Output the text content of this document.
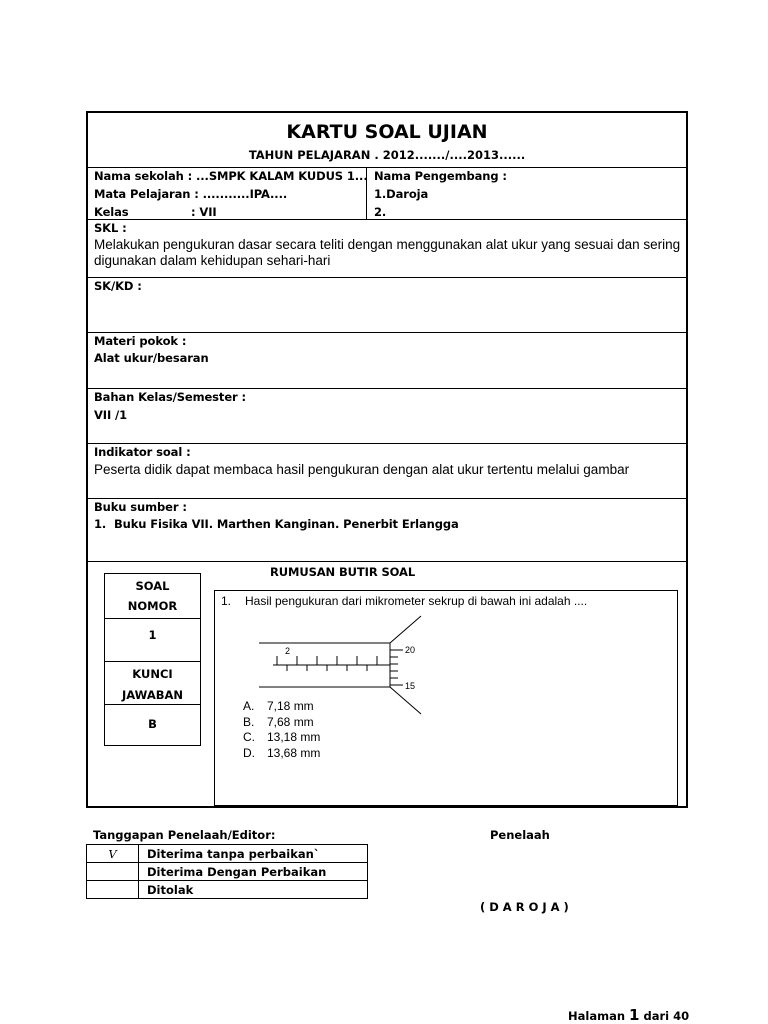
KARTU SOAL UJIAN
TAHUN PELAJARAN . 2012......./....2013......
Nama sekolah : ...SMPK KALAM KUDUS 1...
Mata Pelajaran : ...........IPA....
Kelas                : VII
Nama Pengembang :
1.Daroja
2.
SKL :
Melakukan pengukuran dasar secara teliti dengan menggunakan alat ukur yang sesuai dan sering digunakan dalam kehidupan sehari-hari
SK/KD :
Materi pokok :
Alat ukur/besaran
Bahan Kelas/Semester :
VII /1
Indikator soal :
Peserta didik dapat membaca hasil pengukuran dengan alat ukur tertentu melalui gambar
Buku sumber :
1.  Buku Fisika VII. Marthen Kanginan. Penerbit Erlangga
RUMUSAN BUTIR SOAL
SOAL
NOMOR
1
KUNCI
JAWABAN
B
1. Hasil pengukuran dari mikrometer sekrup di bawah ini adalah ....
2	20
15
A. 7,18 mm
B. 7,68 mm
C. 13,18 mm
D. 13,68 mm
Tanggapan Penelaah/Editor:	Penelaah
V	Diterima tanpa perbaikan`
	Diterima Dengan Perbaikan
	Ditolak
( D A R O J A )
Halaman 1 dari 40
